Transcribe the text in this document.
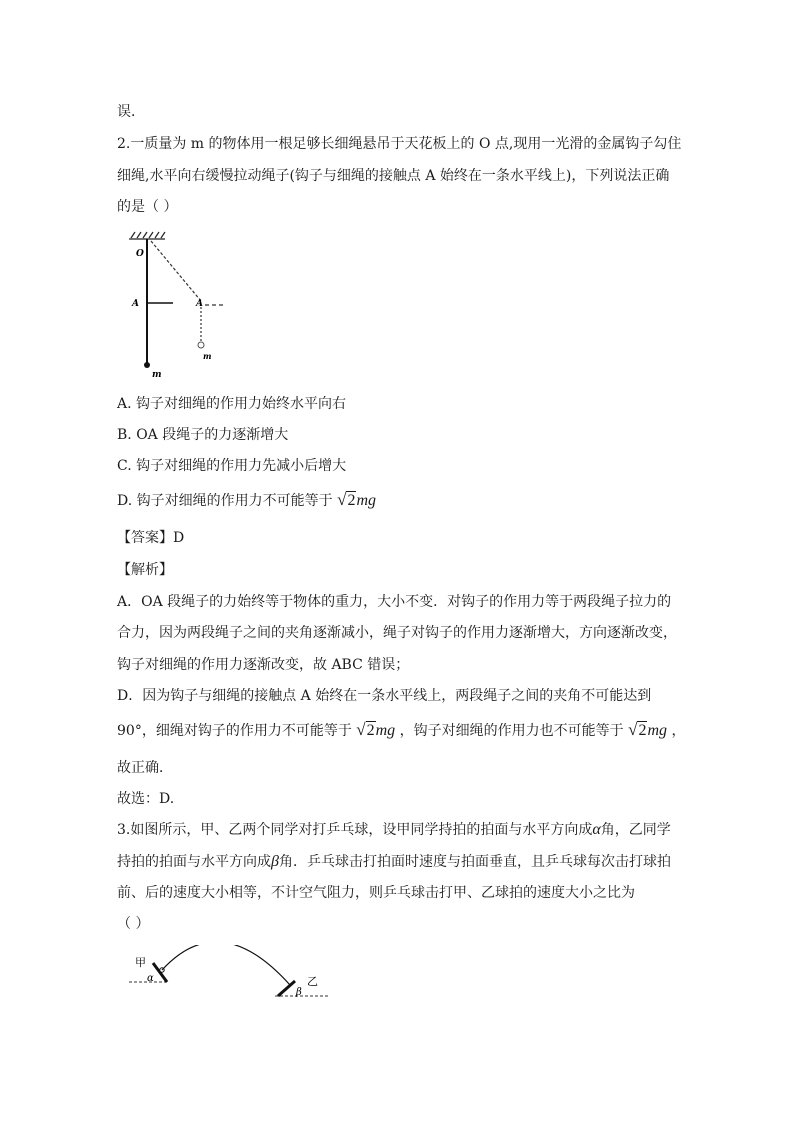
误．
2.一质量为 m 的物体用一根足够长细绳悬吊于天花板上的 O 点,现用一光滑的金属钩子勾住
细绳,水平向右缓慢拉动绳子(钩子与细绳的接触点 A 始终在一条水平线上)，下列说法正确
的是（ ）
O
A	A
m
m
A. 钩子对细绳的作用力始终水平向右
B. OA 段绳子的力逐渐增大
C. 钩子对细绳的作用力先减小后增大
D. 钩子对细绳的作用力不可能等于 √2mg
【答案】D
【解析】
A．OA 段绳子的力始终等于物体的重力，大小不变．对钩子的作用力等于两段绳子拉力的
合力，因为两段绳子之间的夹角逐渐减小，绳子对钩子的作用力逐渐增大，方向逐渐改变，
钩子对细绳的作用力逐渐改变，故 ABC 错误；
D．因为钩子与细绳的接触点 A 始终在一条水平线上，两段绳子之间的夹角不可能达到
90°，细绳对钩子的作用力不可能等于 √2mg ，钩子对细绳的作用力也不可能等于 √2mg ，
故正确．
故选：D.
3.如图所示，甲、乙两个同学对打乒乓球，设甲同学持拍的拍面与水平方向成α角，乙同学
持拍的拍面与水平方向成β角．乒乓球击打拍面时速度与拍面垂直，且乒乓球每次击打球拍
前、后的速度大小相等，不计空气阻力，则乒乓球击打甲、乙球拍的速度大小之比为
（ ）
甲
乙
α
β
